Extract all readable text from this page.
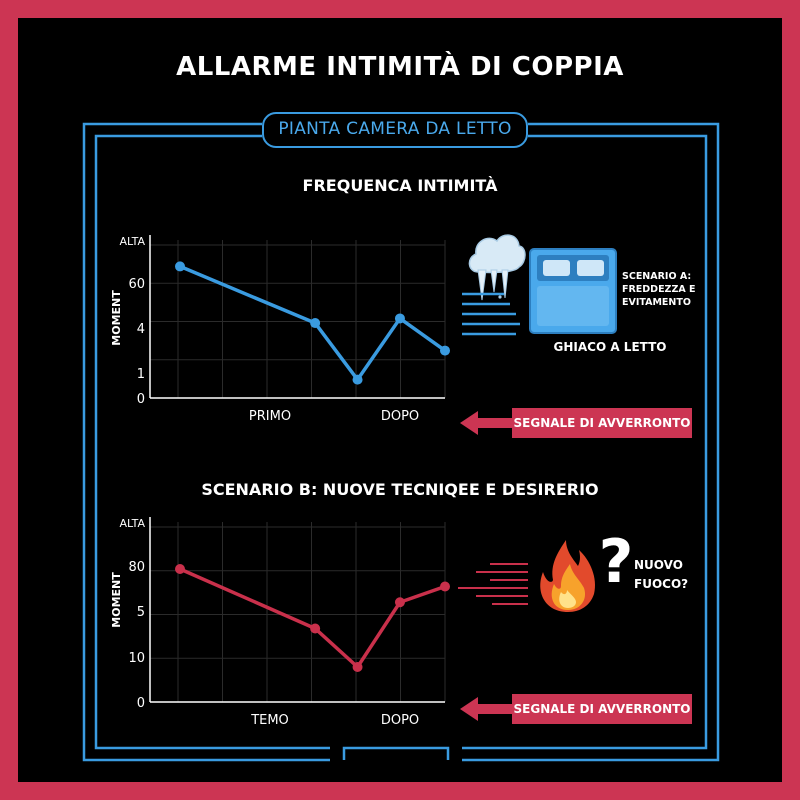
ALLARME INTIMITÀ DI COPPIA
PIANTA CAMERA DA LETTO
FREQUENCA INTIMITÀ
SCENARIO B: NUOVE TECNIQEE E DESIRERIO
ALTA
60
4
1
0
PRIMO	DOPO
MOMENT
ALTA
80
5
10
0
TEMO	DOPO
MOMENT
SCENARIO A: FREDDEZZA E EVITAMENTO
GHIACO A LETTO
? NUOVO FUOCO?
SEGNALE DI AVVERRONTO
SEGNALE DI AVVERRONTO
